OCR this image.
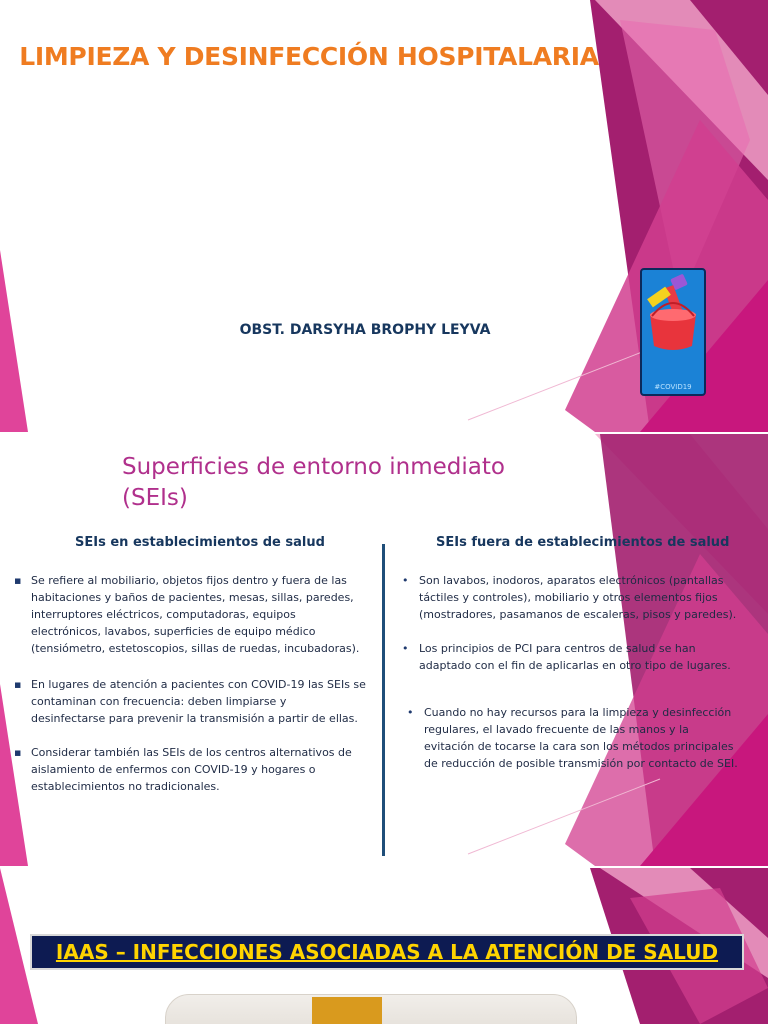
LIMPIEZA Y DESINFECCIÓN HOSPITALARIA
OBST. DARSYHA BROPHY LEYVA
#COVID19
Superficies de entorno inmediato
(SEIs)
SEIs en establecimientos de salud	SEIs fuera de establecimientos de salud
▪ Se refiere al mobiliario, objetos fijos dentro y fuera de las
habitaciones y baños de pacientes, mesas, sillas, paredes,
interruptores eléctricos, computadoras, equipos
electrónicos, lavabos, superficies de equipo médico
(tensiómetro, estetoscopios, sillas de ruedas, incubadoras).
▪ En lugares de atención a pacientes con COVID-19 las SEIs se
contaminan con frecuencia: deben limpiarse y
desinfectarse para prevenir la transmisión a partir de ellas.
▪ Considerar también las SEIs de los centros alternativos de
aislamiento de enfermos con COVID-19 y hogares o
establecimientos no tradicionales.
• Son lavabos, inodoros, aparatos electrónicos (pantallas
táctiles y controles), mobiliario y otros elementos fijos
(mostradores, pasamanos de escaleras, pisos y paredes).
• Los principios de PCI para centros de salud se han
adaptado con el fin de aplicarlas en otro tipo de lugares.
• Cuando no hay recursos para la limpieza y desinfección
regulares, el lavado frecuente de las manos y la
evitación de tocarse la cara son los métodos principales
de reducción de posible transmisión por contacto de SEI.
IAAS – INFECCIONES ASOCIADAS A LA ATENCIÓN DE SALUD
